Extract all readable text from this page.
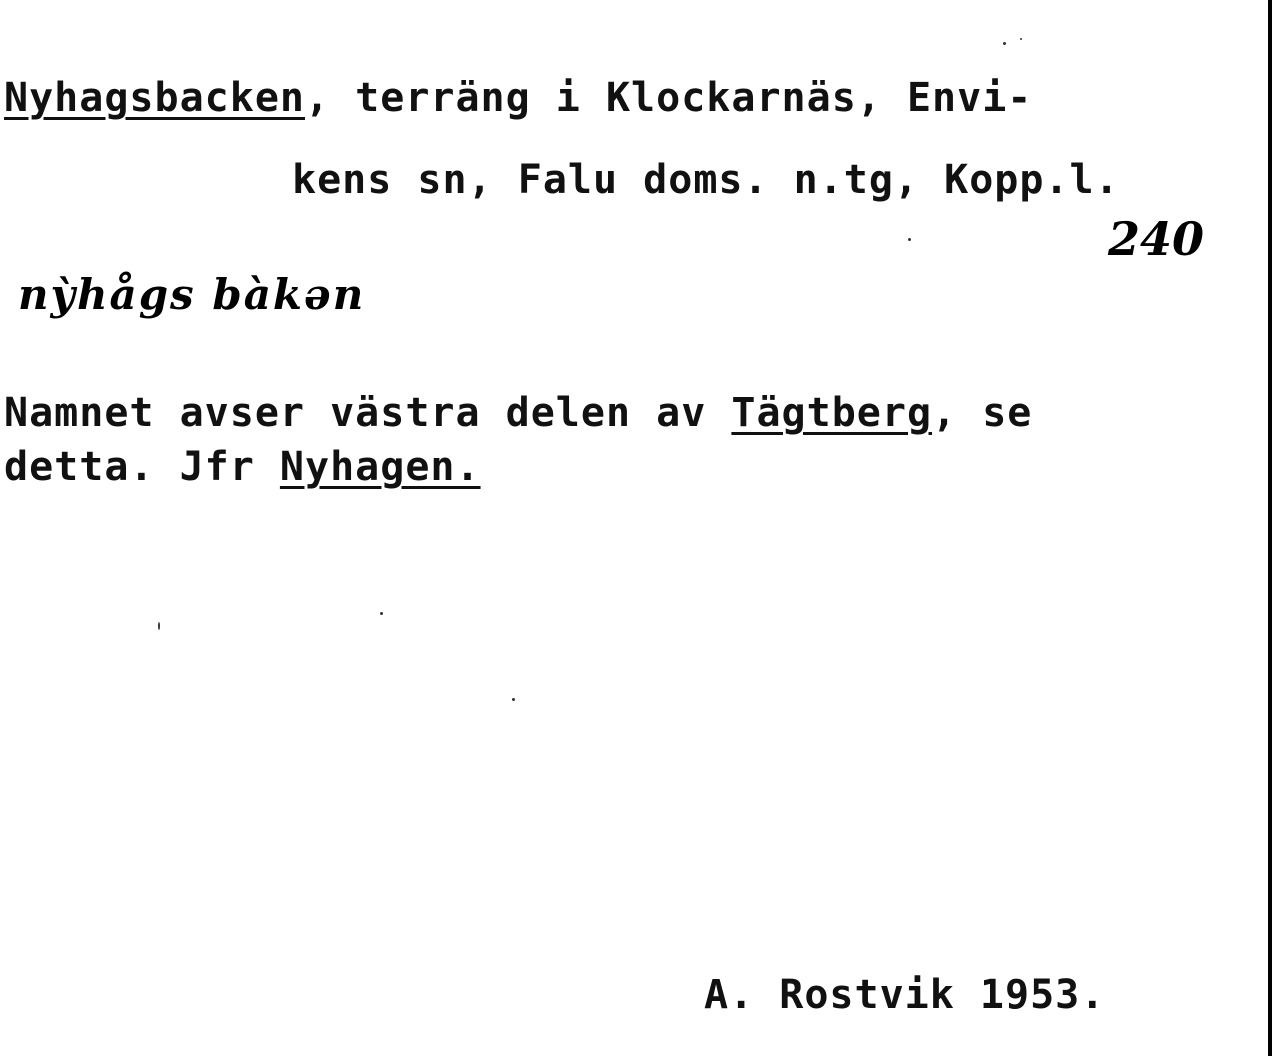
Nyhagsbacken, terräng i Klockarnäs, Envi-
kens sn, Falu doms. n.tg, Kopp.l.
240
nỳhågs bàkən
Namnet avser västra delen av Tägtberg, se
detta. Jfr Nyhagen.
A. Rostvik 1953.
